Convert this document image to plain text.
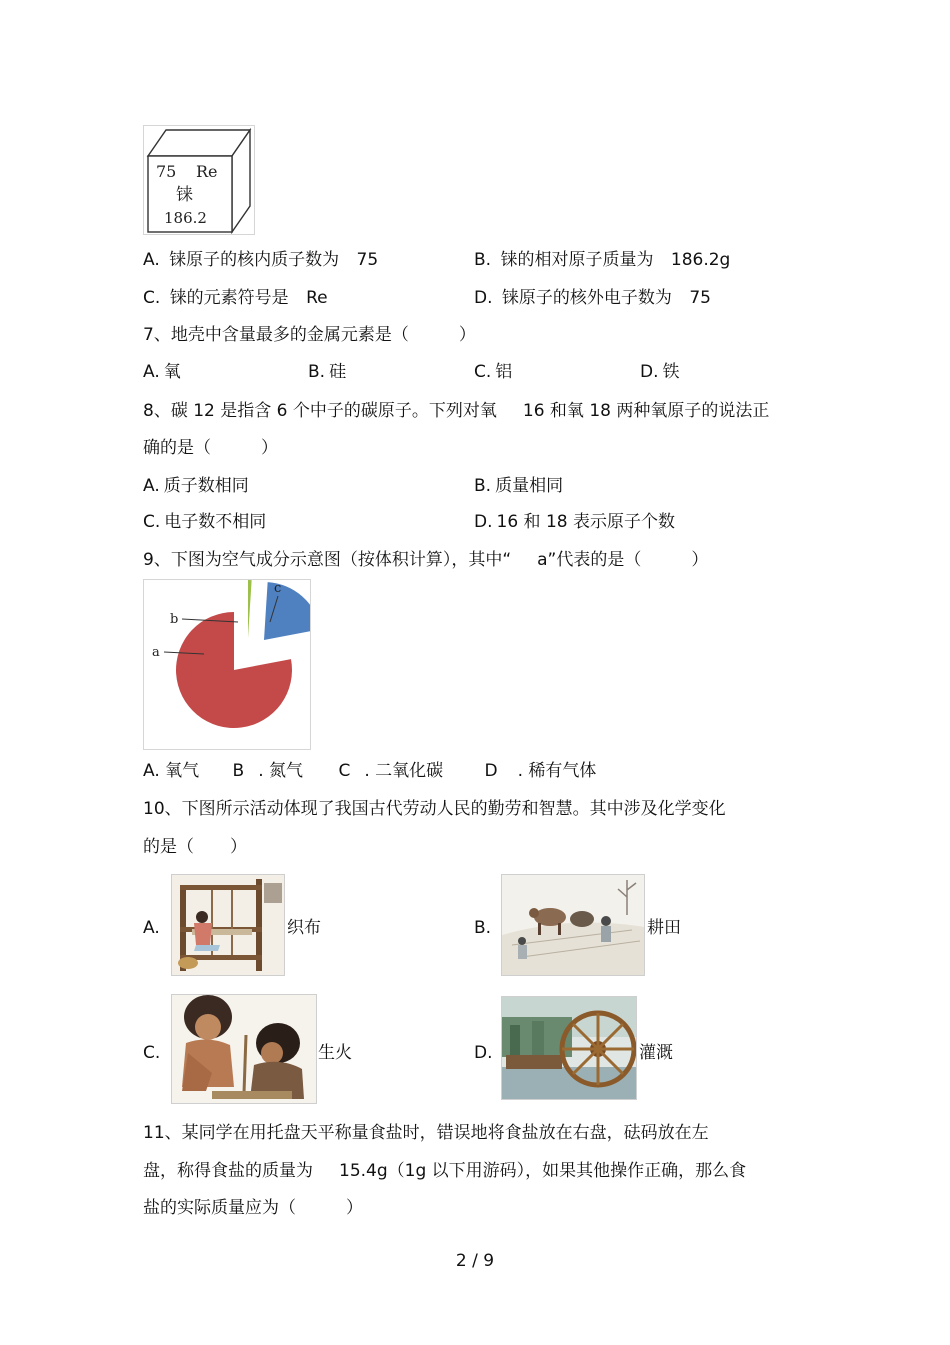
75 Re
铼
186.2
A. 铼原子的核内质子数为 75	B. 铼的相对原子质量为 186.2g
C. 铼的元素符号是 Re	D. 铼原子的核外电子数为 75
7、地壳中含量最多的金属元素是（	）
A. 氧	B. 硅	C. 铝	D. 铁
8、碳 12 是指含 6 个中子的碳原子。下列对氧 16 和氧 18 两种氧原子的说法正
确的是（	）
A. 质子数相同	B. 质量相同
C. 电子数不相同	D. 16 和 18 表示原子个数
9、下图为空气成分示意图（按体积计算），其中“ a”代表的是（	）
a
b
c
A. 氧气 B . 氮气 C . 二氧化碳 D . 稀有气体
10、下图所示活动体现了我国古代劳动人民的勤劳和智慧。其中涉及化学变化
的是（ ）
A.	织布	B.	耕田
C.	生火	D.	灌溉
11、某同学在用托盘天平称量食盐时，错误地将食盐放在右盘，砝码放在左
盘，称得食盐的质量为 15.4g（1g 以下用游码），如果其他操作正确，那么食
盐的实际质量应为（	）
2 / 9
